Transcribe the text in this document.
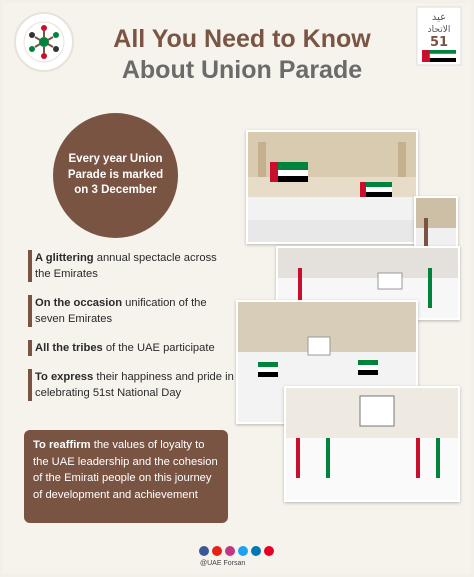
عيد
الاتحاد
51
All You Need to Know
About Union Parade
Every year Union Parade is marked on 3 December
A glittering annual spectacle across the Emirates
On the occasion unification of the seven Emirates
All the tribes of the UAE participate
To express their happiness and pride in celebrating 51st National Day
To reaffirm the values of loyalty to the UAE leadership and the cohesion of the Emirati people on this journey of development and achievement
@UAE Forsan
